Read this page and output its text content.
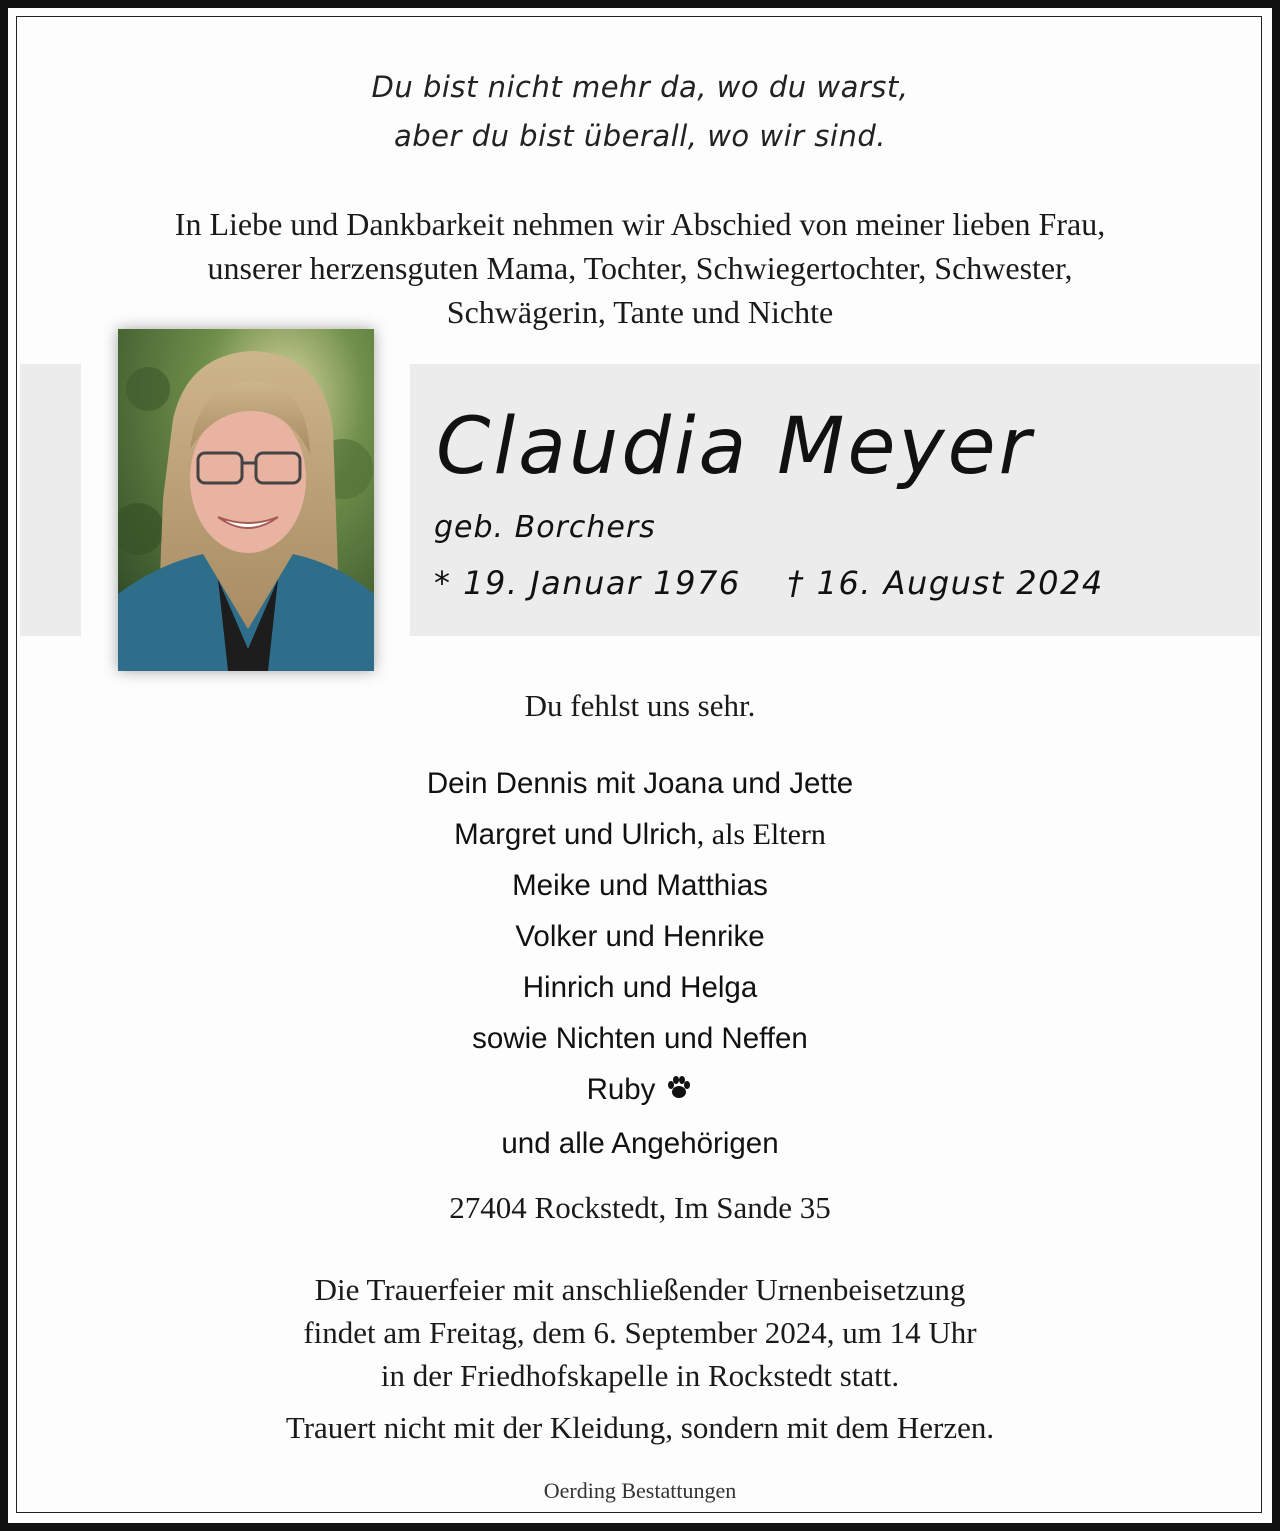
Du bist nicht mehr da, wo du warst,
aber du bist überall, wo wir sind.
In Liebe und Dankbarkeit nehmen wir Abschied von meiner lieben Frau,
unserer herzensguten Mama, Tochter, Schwiegertochter, Schwester,
Schwägerin, Tante und Nichte
Claudia Meyer
geb. Borchers
* 19. Januar 1976    † 16. August 2024
Du fehlst uns sehr.
Dein Dennis mit Joana und Jette
Margret und Ulrich, als Eltern
Meike und Matthias
Volker und Henrike
Hinrich und Helga
sowie Nichten und Neffen
Ruby
und alle Angehörigen
27404 Rockstedt, Im Sande 35
Die Trauerfeier mit anschließender Urnenbeisetzung
findet am Freitag, dem 6. September 2024, um 14 Uhr
in der Friedhofskapelle in Rockstedt statt.
Trauert nicht mit der Kleidung, sondern mit dem Herzen.
Oerding Bestattungen
